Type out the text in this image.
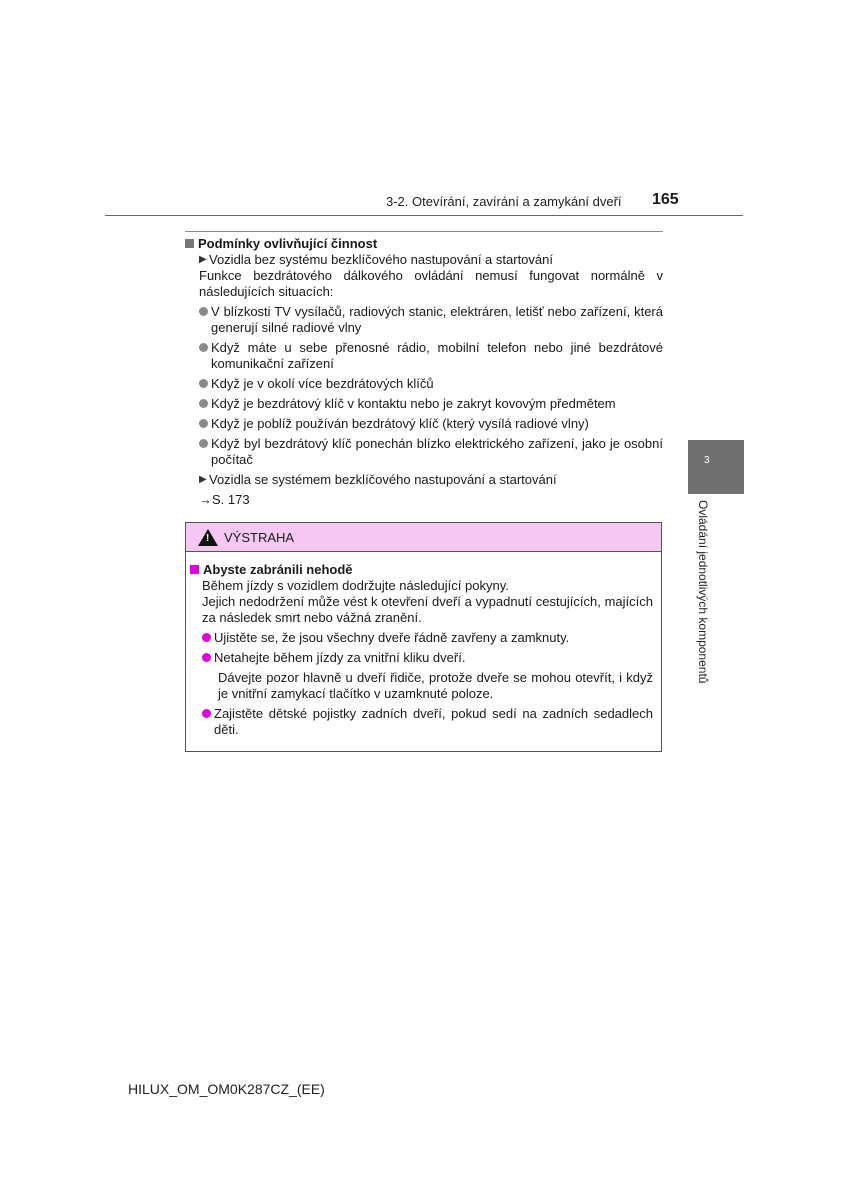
3-2. Otevírání, zavírání a zamykání dveří 165
3
Ovládání jednotlivých komponentů
Podmínky ovlivňující činnost
▶ Vozidla bez systému bezklíčového nastupování a startování
Funkce bezdrátového dálkového ovládání nemusí fungovat normálně v následujících situacích:
V blízkosti TV vysílačů, radiových stanic, elektráren, letišť nebo zařízení, která generují silné radiové vlny
Když máte u sebe přenosné rádio, mobilní telefon nebo jiné bezdrátové komunikační zařízení
Když je v okolí více bezdrátových klíčů
Když je bezdrátový klíč v kontaktu nebo je zakryt kovovým předmětem
Když je poblíž používán bezdrátový klíč (který vysílá radiové vlny)
Když byl bezdrátový klíč ponechán blízko elektrického zařízení, jako je osobní počítač
▶ Vozidla se systémem bezklíčového nastupování a startování
→S. 173
! VÝSTRAHA
Abyste zabránili nehodě
Během jízdy s vozidlem dodržujte následující pokyny.
Jejich nedodržení může vést k otevření dveří a vypadnutí cestujících, majících za následek smrt nebo vážná zranění.
Ujistěte se, že jsou všechny dveře řádně zavřeny a zamknuty.
Netahejte během jízdy za vnitřní kliku dveří.
Dávejte pozor hlavně u dveří řidiče, protože dveře se mohou otevřít, i když je vnitřní zamykací tlačítko v uzamknuté poloze.
Zajistěte dětské pojistky zadních dveří, pokud sedí na zadních sedadlech děti.
HILUX_OM_OM0K287CZ_(EE)
